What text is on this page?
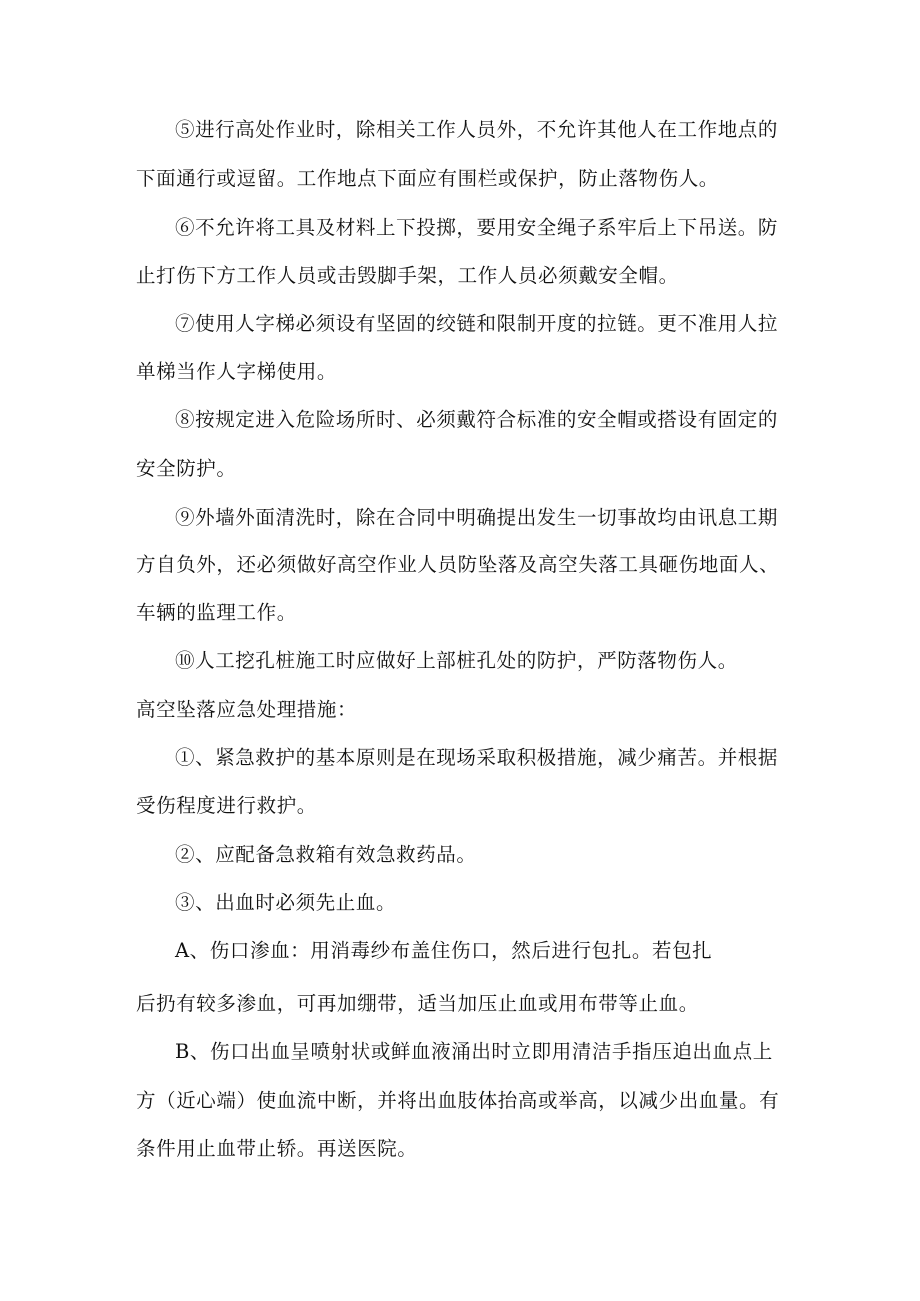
⑤进行高处作业时，除相关工作人员外，不允许其他人在工作地点的
下面通行或逗留。工作地点下面应有围栏或保护，防止落物伤人。
⑥不允许将工具及材料上下投掷，要用安全绳子系牢后上下吊送。防
止打伤下方工作人员或击毁脚手架，工作人员必须戴安全帽。
⑦使用人字梯必须设有坚固的绞链和限制开度的拉链。更不准用人拉
单梯当作人字梯使用。
⑧按规定进入危险场所时、必须戴符合标准的安全帽或搭设有固定的
安全防护。
⑨外墙外面清洗时，除在合同中明确提出发生一切事故均由讯息工期
方自负外，还必须做好高空作业人员防坠落及高空失落工具砸伤地面人、
车辆的监理工作。
⑩人工挖孔桩施工时应做好上部桩孔处的防护，严防落物伤人。
高空坠落应急处理措施：
①、紧急救护的基本原则是在现场采取积极措施，减少痛苦。并根据
受伤程度进行救护。
②、应配备急救箱有效急救药品。
③、出血时必须先止血。
A、伤口渗血：用消毒纱布盖住伤口，然后进行包扎。若包扎
后扔有较多渗血，可再加绷带，适当加压止血或用布带等止血。
B、伤口出血呈喷射状或鲜血液涌出时立即用清洁手指压迫出血点上
方（近心端）使血流中断，并将出血肢体抬高或举高，以减少出血量。有
条件用止血带止轿。再送医院。
